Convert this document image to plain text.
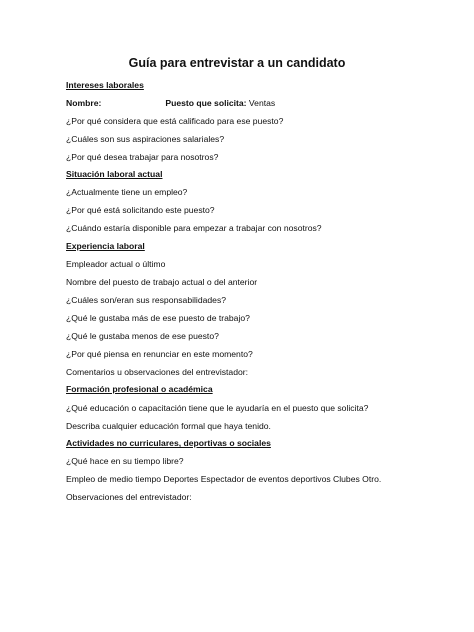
Guía para entrevistar a un candidato
Intereses laborales
Nombre:	Puesto que solicita: Ventas
¿Por qué considera que está calificado para ese puesto?
¿Cuáles son sus aspiraciones salariales?
¿Por qué desea trabajar para nosotros?
Situación laboral actual
¿Actualmente tiene un empleo?
¿Por qué está solicitando este puesto?
¿Cuándo estaría disponible para empezar a trabajar con nosotros?
Experiencia laboral
Empleador actual o último
Nombre del puesto de trabajo actual o del anterior
¿Cuáles son/eran sus responsabilidades?
¿Qué le gustaba más de ese puesto de trabajo?
¿Qué le gustaba menos de ese puesto?
¿Por qué piensa en renunciar en este momento?
Comentarios u observaciones del entrevistador:
Formación profesional o académica
¿Qué educación o capacitación tiene que le ayudaría en el puesto que solicita?
Describa cualquier educación formal que haya tenido.
Actividades no curriculares, deportivas o sociales
¿Qué hace en su tiempo libre?
Empleo de medio tiempo Deportes Espectador de eventos deportivos Clubes Otro.
Observaciones del entrevistador:
